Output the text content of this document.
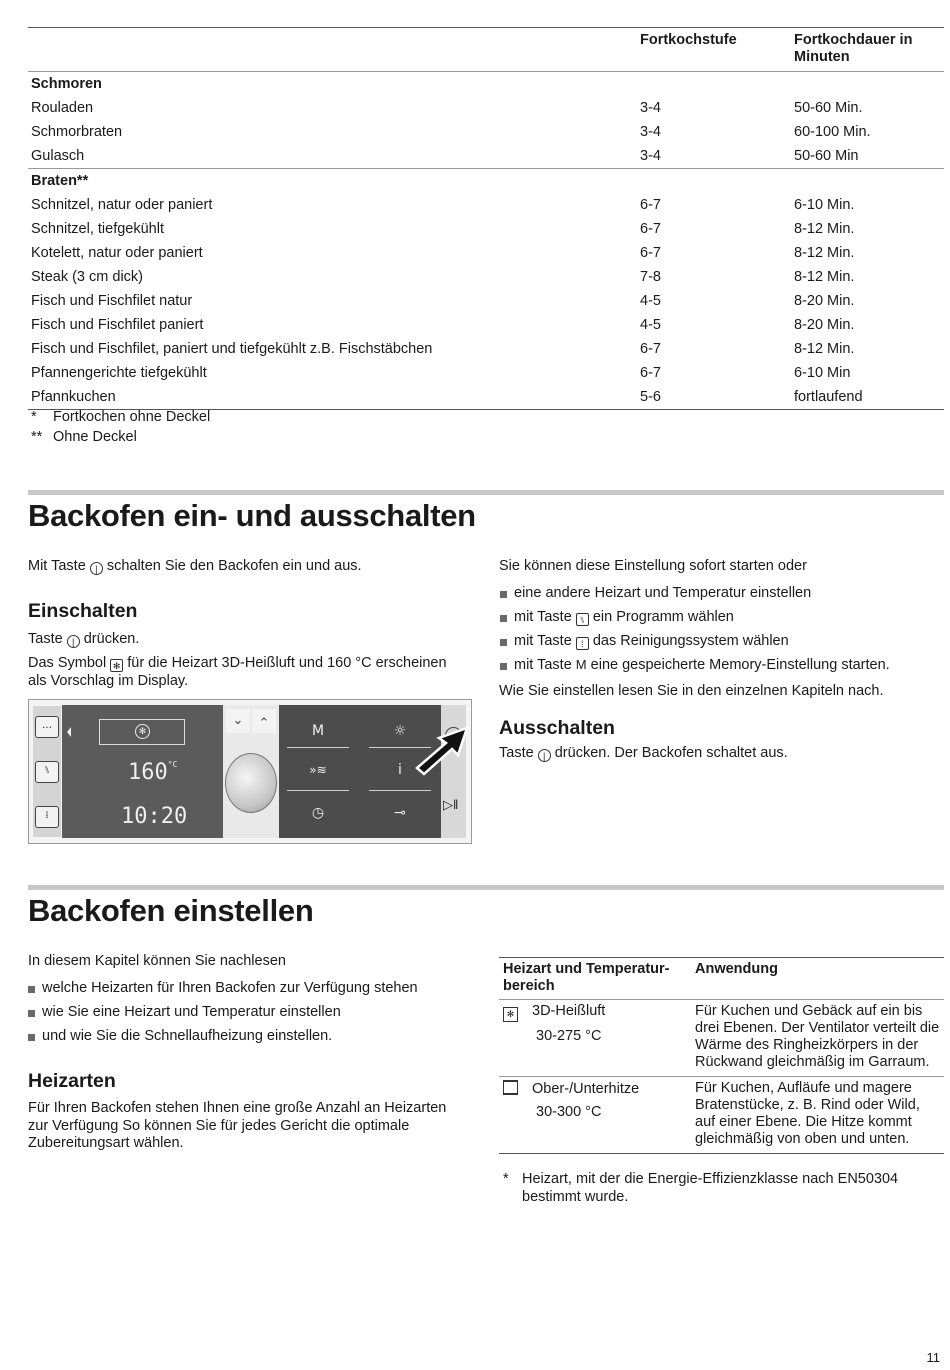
	Fortkochstufe	Fortkochdauer in Minuten
Schmoren		
Rouladen	3-4	50-60 Min.
Schmorbraten	3-4	60-100 Min.
Gulasch	3-4	50-60 Min
Braten**		
Schnitzel, natur oder paniert	6-7	6-10 Min.
Schnitzel, tiefgekühlt	6-7	8-12 Min.
Kotelett, natur oder paniert	6-7	8-12 Min.
Steak (3 cm dick)	7-8	8-12 Min.
Fisch und Fischfilet natur	4-5	8-20 Min.
Fisch und Fischfilet paniert	4-5	8-20 Min.
Fisch und Fischfilet, paniert und tiefgekühlt z.B. Fischstäbchen	6-7	8-12 Min.
Pfannengerichte tiefgekühlt	6-7	6-10 Min
Pfannkuchen	5-6	fortlaufend
* Fortkochen ohne Deckel
** Ohne Deckel
Backofen ein- und ausschalten

Mit Taste | schalten Sie den Backofen ein und aus.

Einschalten

Taste | drücken.

Das Symbol ✻ für die Heizart 3D-Heißluft und 160 °C erscheinen als Vorschlag im Display.

…
⑊
⁞
✻
$160^{^\circ C}$
10:20
⌄	⌃
M	☼
»≋	i
◷	⊸
▷‖

Sie können diese Einstellung sofort starten oder

eine andere Heizart und Temperatur einstellen
mit Taste ⑊ ein Programm wählen
mit Taste ⁞ das Reinigungssystem wählen
mit Taste M eine gespeicherte Memory-Einstellung starten.

Wie Sie einstellen lesen Sie in den einzelnen Kapiteln nach.

Ausschalten

Taste | drücken. Der Backofen schaltet aus.

Backofen einstellen

In diesem Kapitel können Sie nachlesen

welche Heizarten für Ihren Backofen zur Verfügung stehen
wie Sie eine Heizart und Temperatur einstellen
und wie Sie die Schnellaufheizung einstellen.
Heizarten

Für Ihren Backofen stehen Ihnen eine große Anzahl an Heizarten zur Verfügung So können Sie für jedes Gericht die optimale Zubereitungsart wählen.

Heizart und Temperatur-bereich	Anwendung

✻ 3D-Heißluft
30-275 °C	Für Kuchen und Gebäck auf ein bis drei Ebenen. Der Ventilator verteilt die Wärme des Ringheizkörpers in der Rückwand gleichmäßig im Garraum.

Ober-/Unterhitze
30-300 °C	Für Kuchen, Aufläufe und magere Bratenstücke, z. B. Rind oder Wild, auf einer Ebene. Die Hitze kommt gleichmäßig von oben und unten.
* Heizart, mit der die Energie-Effizienzklasse nach EN50304 bestimmt wurde.
11
